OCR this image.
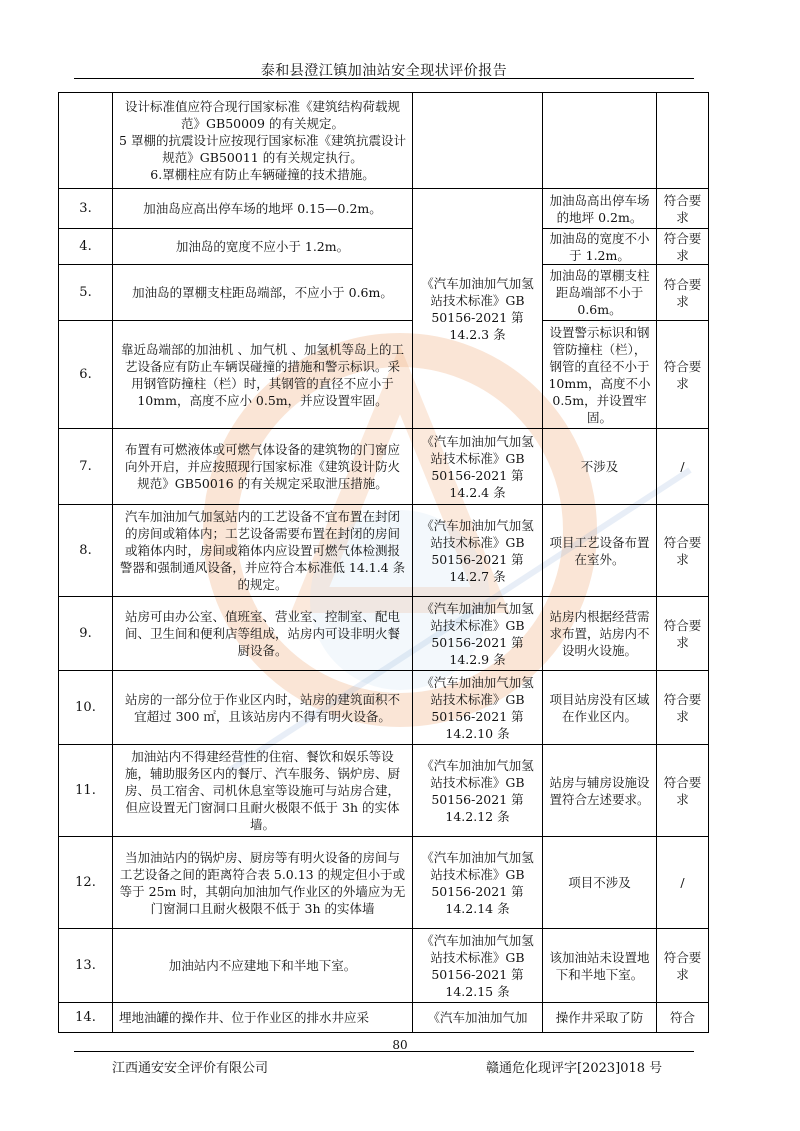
泰和县澄江镇加油站安全现状评价报告

	设计标准值应符合现行国家标准《建筑结构荷载规范》GB50009 的有关规定。
5 罩棚的抗震设计应按现行国家标准《建筑抗震设计规范》GB50011 的有关规定执行。
6.罩棚柱应有防止车辆碰撞的技术措施。			

3.	加油岛应高出停车场的地坪 0.15—0.2m。	《汽车加油加气加氢站技术标准》GB 50156-2021 第 14.2.3 条	加油岛高出停车场的地坪 0.2m。	符合要求
4.	加油岛的宽度不应小于 1.2m。		加油岛的宽度不小于 1.2m。	符合要求
5.	加油岛的罩棚支柱距岛端部，不应小于 0.6m。		加油岛的罩棚支柱距岛端部不小于 0.6m。	符合要求
6.	靠近岛端部的加油机 、加气机 、加氢机等岛上的工艺设备应有防止车辆误碰撞的措施和警示标识。采用钢管防撞柱（栏）时，其钢管的直径不应小于 10mm，高度不应小 0.5m，并应设置牢固。		设置警示标识和钢管防撞柱（栏），钢管的直径不小于 10mm，高度不小 0.5m，并设置牢固。	符合要求
7.	布置有可燃液体或可燃气体设备的建筑物的门窗应向外开启，并应按照现行国家标准《建筑设计防火规范》GB50016 的有关规定采取泄压措施。	《汽车加油加气加氢站技术标准》GB 50156-2021 第 14.2.4 条	不涉及	/
8.	汽车加油加气加氢站内的工艺设备不宜布置在封闭的房间或箱体内；工艺设备需要布置在封闭的房间或箱体内时，房间或箱体内应设置可燃气体检测报警器和强制通风设备，并应符合本标准低 14.1.4 条的规定。	《汽车加油加气加氢站技术标准》GB 50156-2021 第 14.2.7 条	项目工艺设备布置在室外。	符合要求
9.	站房可由办公室、值班室、营业室、控制室、配电间、卫生间和便利店等组成，站房内可设非明火餐厨设备。	《汽车加油加气加氢站技术标准》GB 50156-2021 第 14.2.9 条	站房内根据经营需求布置，站房内不设明火设施。	符合要求
10.	站房的一部分位于作业区内时，站房的建筑面积不宜超过 300 ㎡，且该站房内不得有明火设备。	《汽车加油加气加氢站技术标准》GB 50156-2021 第 14.2.10 条	项目站房没有区域在作业区内。	符合要求
11.	加油站内不得建经营性的住宿、餐饮和娱乐等设施，辅助服务区内的餐厅、汽车服务、锅炉房、厨房、员工宿舍、司机休息室等设施可与站房合建，但应设置无门窗洞口且耐火极限不低于 3h 的实体墙。	《汽车加油加气加氢站技术标准》GB 50156-2021 第 14.2.12 条	站房与辅房设施设置符合左述要求。	符合要求
12.	当加油站内的锅炉房、厨房等有明火设备的房间与工艺设备之间的距离符合表 5.0.13 的规定但小于或等于 25m 时，其朝向加油加气作业区的外墙应为无门窗洞口且耐火极限不低于 3h 的实体墙	《汽车加油加气加氢站技术标准》GB 50156-2021 第 14.2.14 条	项目不涉及	/
13.	加油站内不应建地下和半地下室。	《汽车加油加气加氢站技术标准》GB 50156-2021 第 14.2.15 条	该加油站未设置地下和半地下室。	符合要求
14.	埋地油罐的操作井、位于作业区的排水井应采	《汽车加油加气加	操作井采取了防	符合
80
江西通安安全评价有限公司	赣通危化现评字[2023]018 号
